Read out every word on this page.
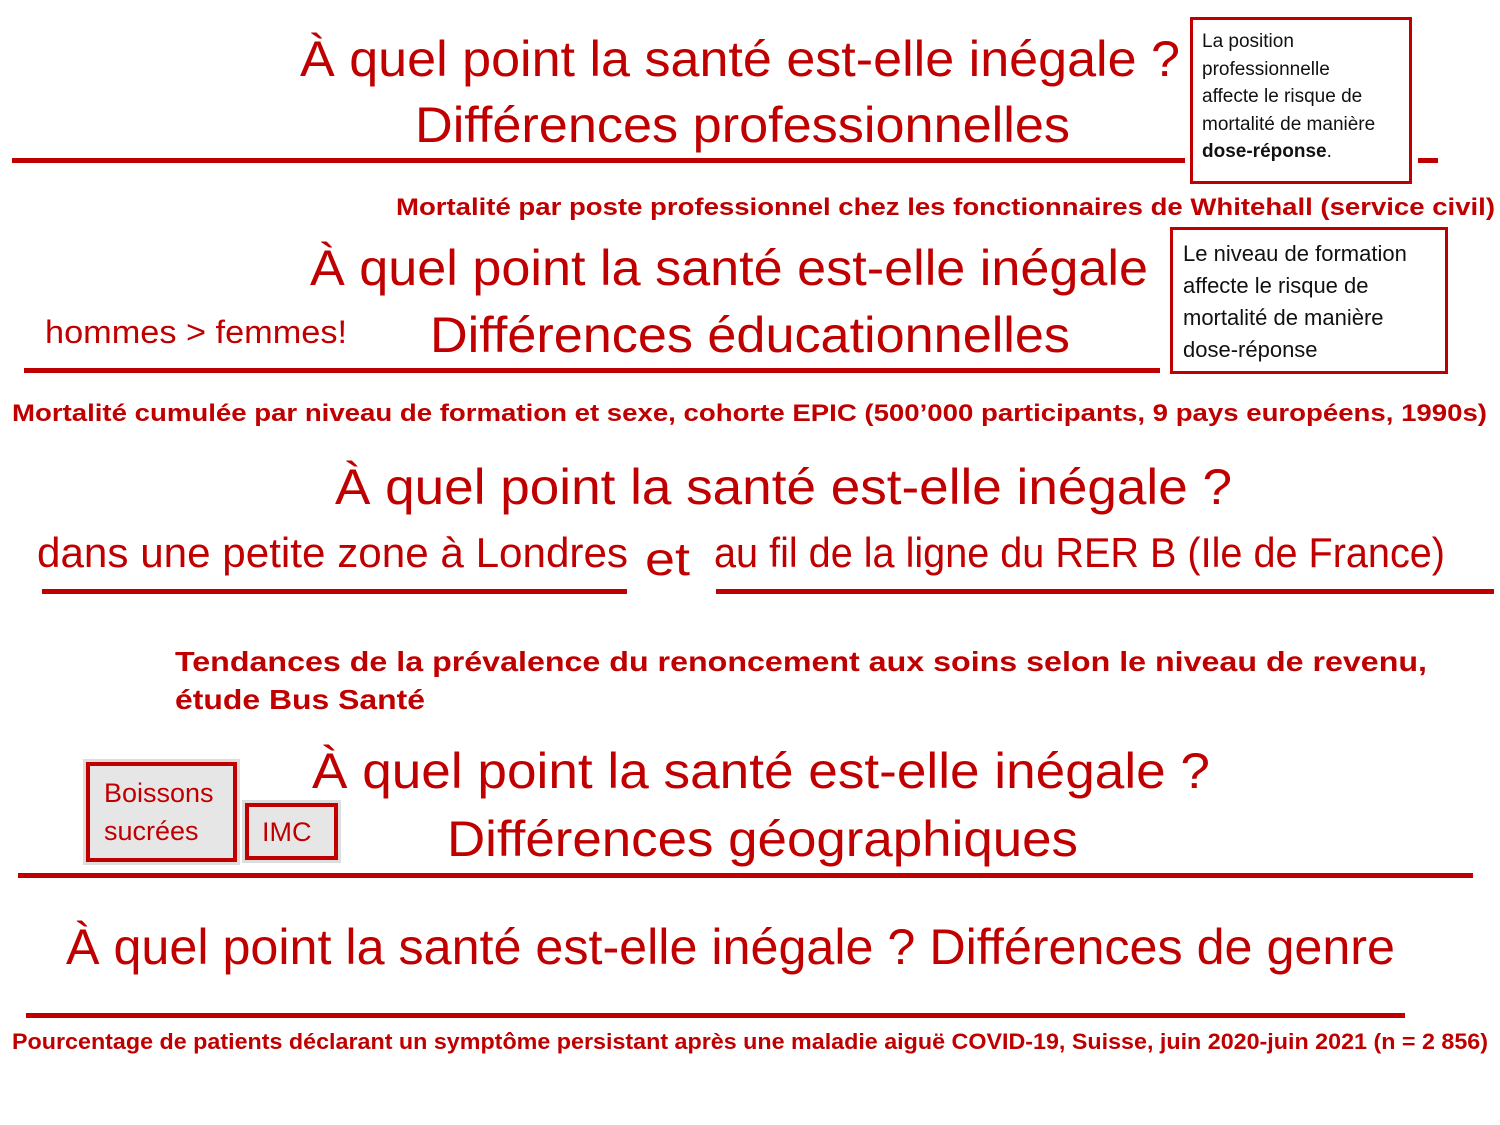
À quel point la santé est-elle inégale ?
Différences professionnelles
La position
professionnelle
affecte le risque de
mortalité de manière
dose-réponse.
Mortalité par poste professionnel chez les fonctionnaires de Whitehall (service civil)
À quel point la santé est-elle inégale
hommes > femmes! Différences éducationnelles
Le niveau de formation
affecte le risque de
mortalité de manière
dose-réponse
Mortalité cumulée par niveau de formation et sexe, cohorte EPIC (500’000 participants, 9 pays européens, 1990s)
À quel point la santé est-elle inégale ?
dans une petite zone à Londres et au fil de la ligne du RER B (Ile de France)
Tendances de la prévalence du renoncement aux soins selon le niveau de revenu,
étude Bus Santé
Boissons
sucrées	IMC
À quel point la santé est-elle inégale ?
Différences géographiques
À quel point la santé est-elle inégale ? Différences de genre
Pourcentage de patients déclarant un symptôme persistant après une maladie aiguë COVID-19, Suisse, juin 2020-juin 2021 (n = 2 856)
